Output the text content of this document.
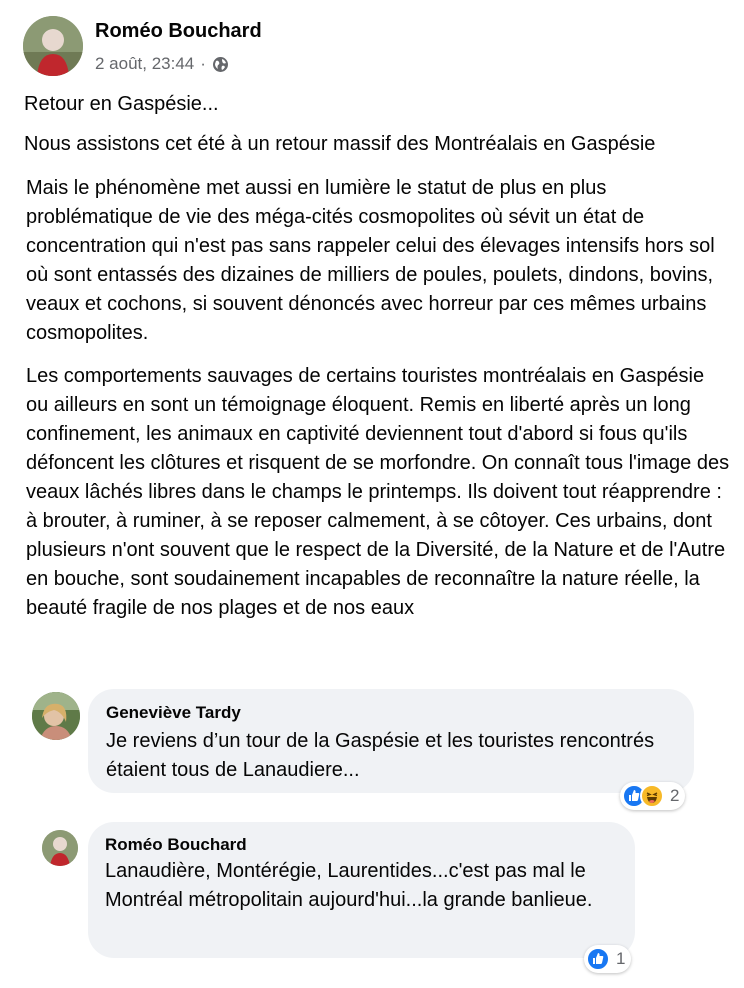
Roméo Bouchard
2 août, 23:44 ·

Retour en Gaspésie...

Nous assistons cet été à un retour massif des Montréalais en Gaspésie

Mais le phénomène met aussi en lumière le statut de plus en plus problématique de vie des méga-cités cosmopolites où sévit un état de concentration qui n'est pas sans rappeler celui des élevages intensifs hors sol où sont entassés des dizaines de milliers de poules, poulets, dindons, bovins, veaux et cochons, si souvent dénoncés avec horreur par ces mêmes urbains cosmopolites.

Les comportements sauvages de certains touristes montréalais en Gaspésie ou ailleurs en sont un témoignage éloquent. Remis en liberté après un long confinement, les animaux en captivité deviennent tout d'abord si fous qu'ils défoncent les clôtures et risquent de se morfondre. On connaît tous l'image des veaux lâchés libres dans le champs le printemps. Ils doivent tout réapprendre : à brouter, à ruminer, à se reposer calmement, à se côtoyer. Ces urbains, dont plusieurs n'ont souvent que le respect de la Diversité, de la Nature et de l'Autre en bouche, sont soudainement incapables de reconnaître la nature réelle, la beauté fragile de nos plages et de nos eaux

Geneviève Tardy

Je reviens d’un tour de la Gaspésie et les touristes rencontrés étaient tous de Lanaudiere...

2
Roméo Bouchard

Lanaudière, Montérégie, Laurentides...c'est pas mal le Montréal métropolitain aujourd'hui...la grande banlieue.

1
